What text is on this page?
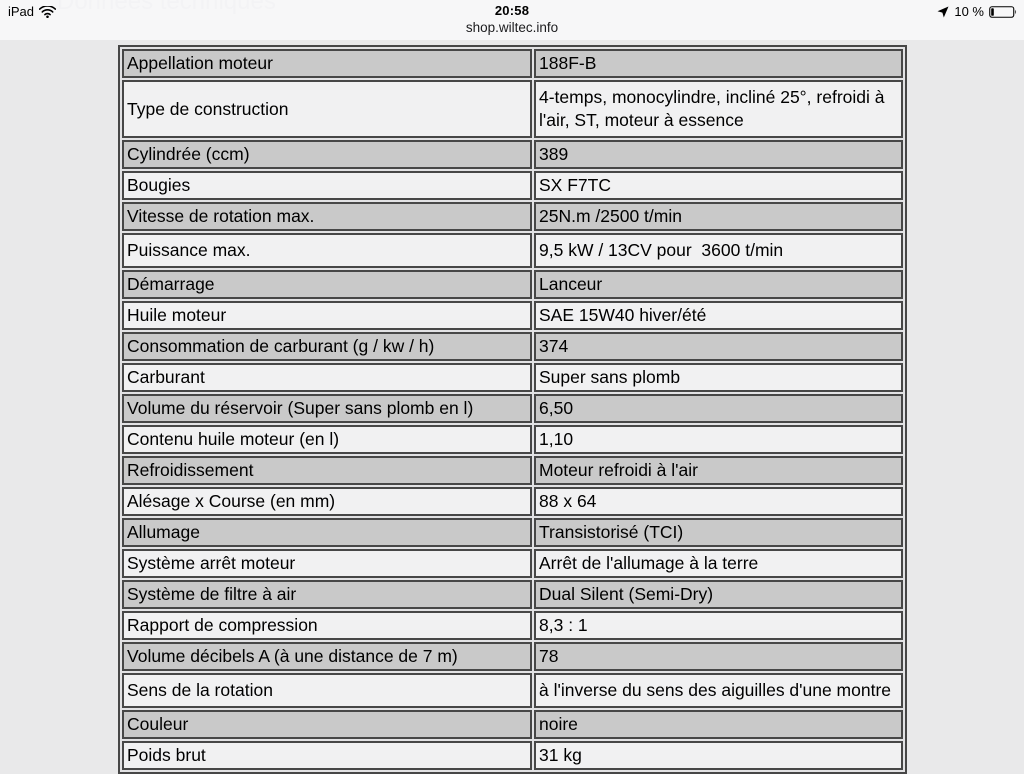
iPad	20:58
shop.wiltec.info
10 %
Appellation moteur	188F-B
Type de construction	4-temps, monocylindre, incliné 25°, refroidi à l'air, ST, moteur à essence
Cylindrée (ccm)	389
Bougies	SX F7TC
Vitesse de rotation max.	25N.m /2500 t/min
Puissance max.	9,5 kW / 13CV pour  3600 t/min
Démarrage	Lanceur
Huile moteur	SAE 15W40 hiver/été
Consommation de carburant (g / kw / h)	374
Carburant	Super sans plomb
Volume du réservoir (Super sans plomb en l)	6,50
Contenu huile moteur (en l)	1,10
Refroidissement	Moteur refroidi à l'air
Alésage x Course (en mm)	88 x 64
Allumage	Transistorisé (TCI)
Système arrêt moteur	Arrêt de l'allumage à la terre
Système de filtre à air	Dual Silent (Semi-Dry)
Rapport de compression	8,3 : 1
Volume décibels A (à une distance de 7 m)	78
Sens de la rotation	à l'inverse du sens des aiguilles d'une montre
Couleur	noire
Poids brut	31 kg
